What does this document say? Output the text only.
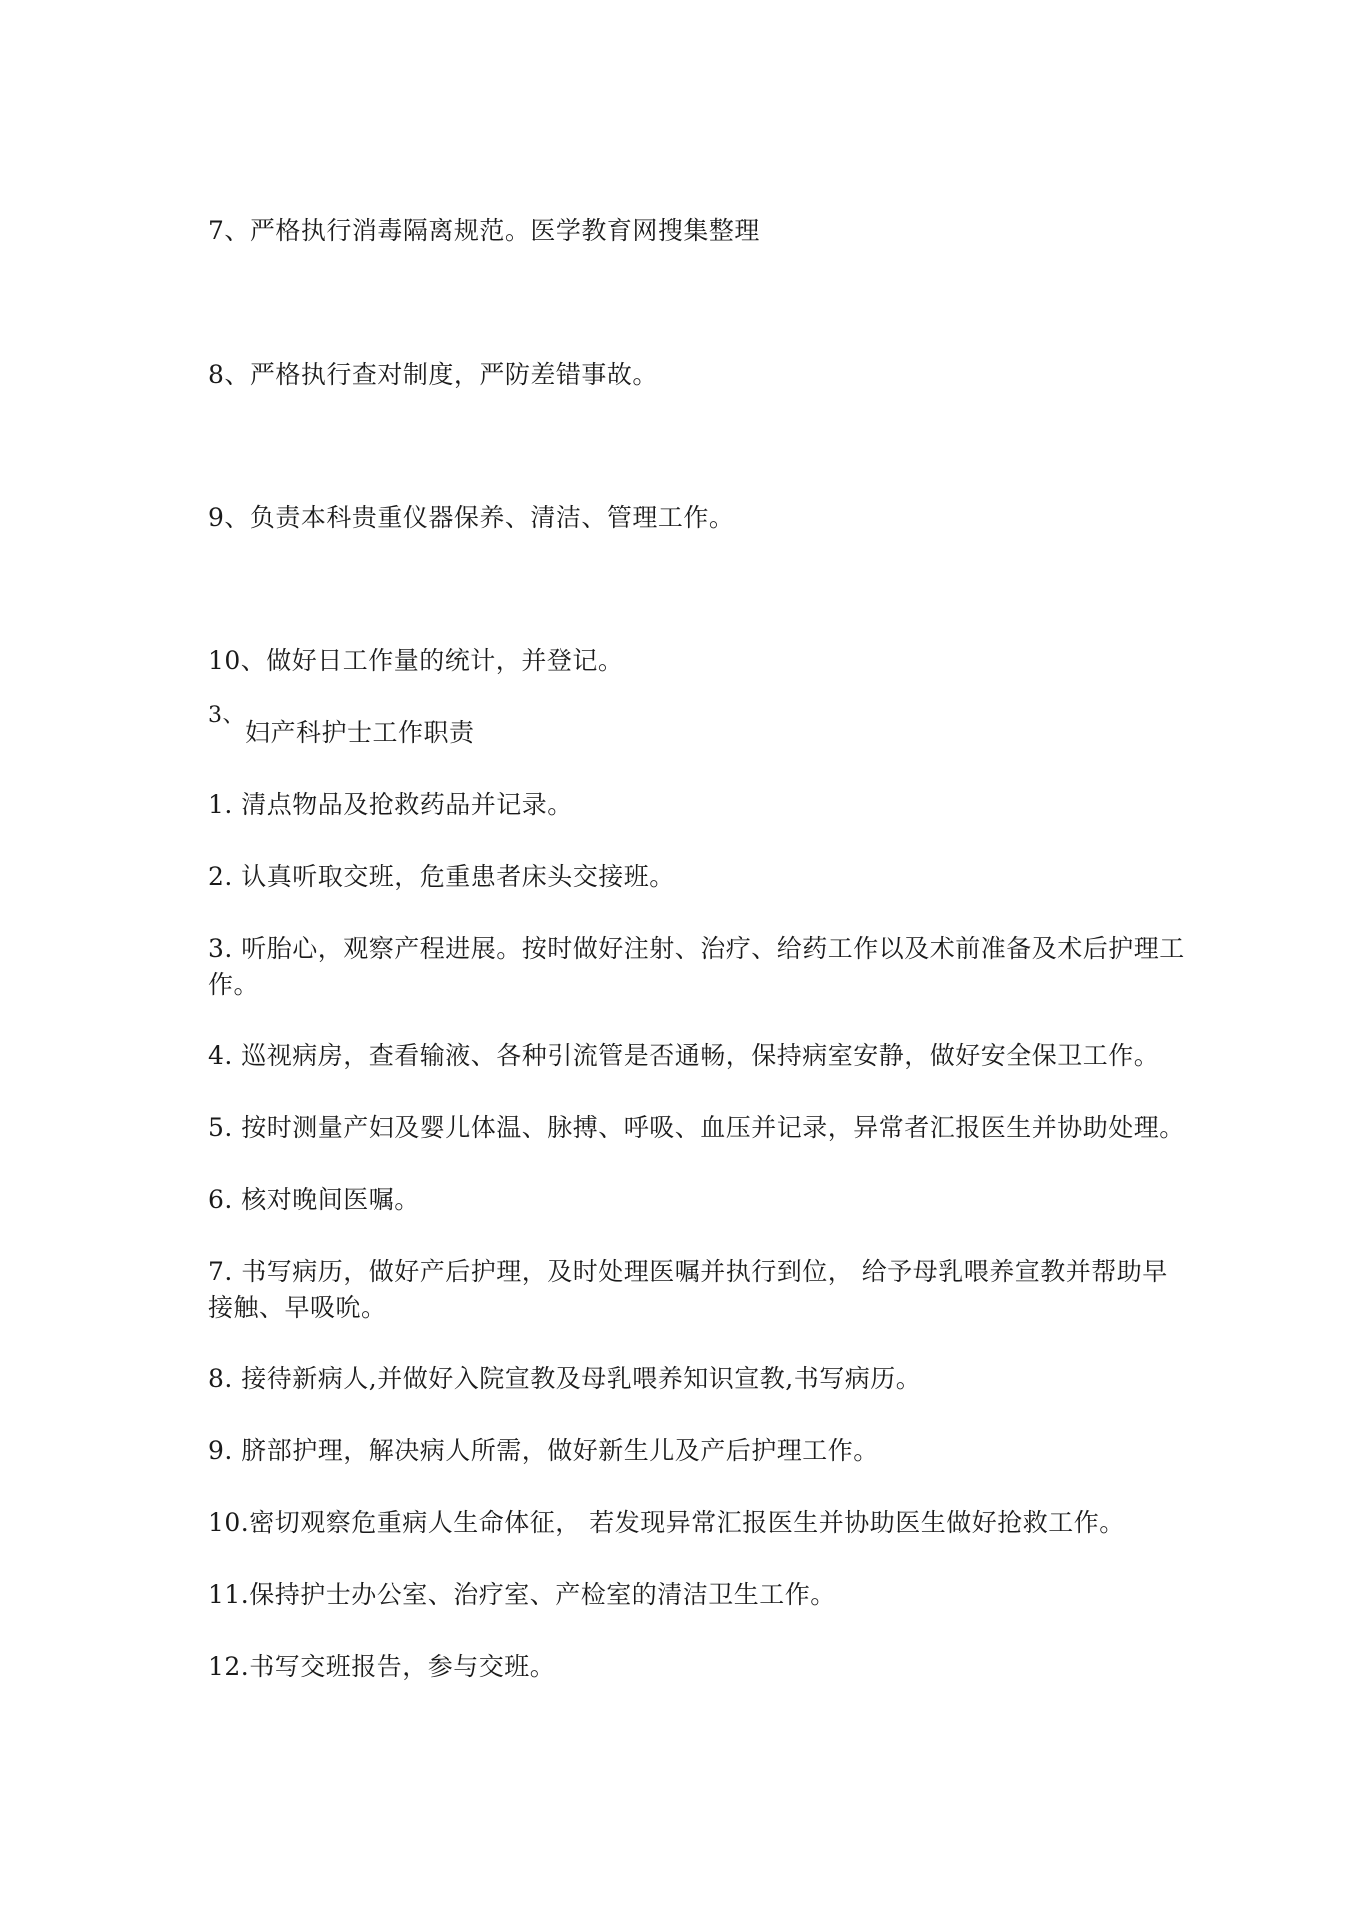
7、严格执行消毒隔离规范。医学教育网搜集整理
8、严格执行查对制度，严防差错事故。
9、负责本科贵重仪器保养、清洁、管理工作。
10、做好日工作量的统计，并登记。
3、
妇产科护士工作职责
1. 清点物品及抢救药品并记录。
2. 认真听取交班，危重患者床头交接班。
3. 听胎心，观察产程进展。按时做好注射、治疗、给药工作以及术前准备及术后护理工作。
4. 巡视病房，查看输液、各种引流管是否通畅，保持病室安静，做好安全保卫工作。
5. 按时测量产妇及婴儿体温、脉搏、呼吸、血压并记录，异常者汇报医生并协助处理。
6. 核对晚间医嘱。
7. 书写病历，做好产后护理，及时处理医嘱并执行到位， 给予母乳喂养宣教并帮助早接触、早吸吮。
8. 接待新病人,并做好入院宣教及母乳喂养知识宣教,书写病历。
9. 脐部护理，解决病人所需，做好新生儿及产后护理工作。
10.密切观察危重病人生命体征， 若发现异常汇报医生并协助医生做好抢救工作。
11.保持护士办公室、治疗室、产检室的清洁卫生工作。
12.书写交班报告，参与交班。
